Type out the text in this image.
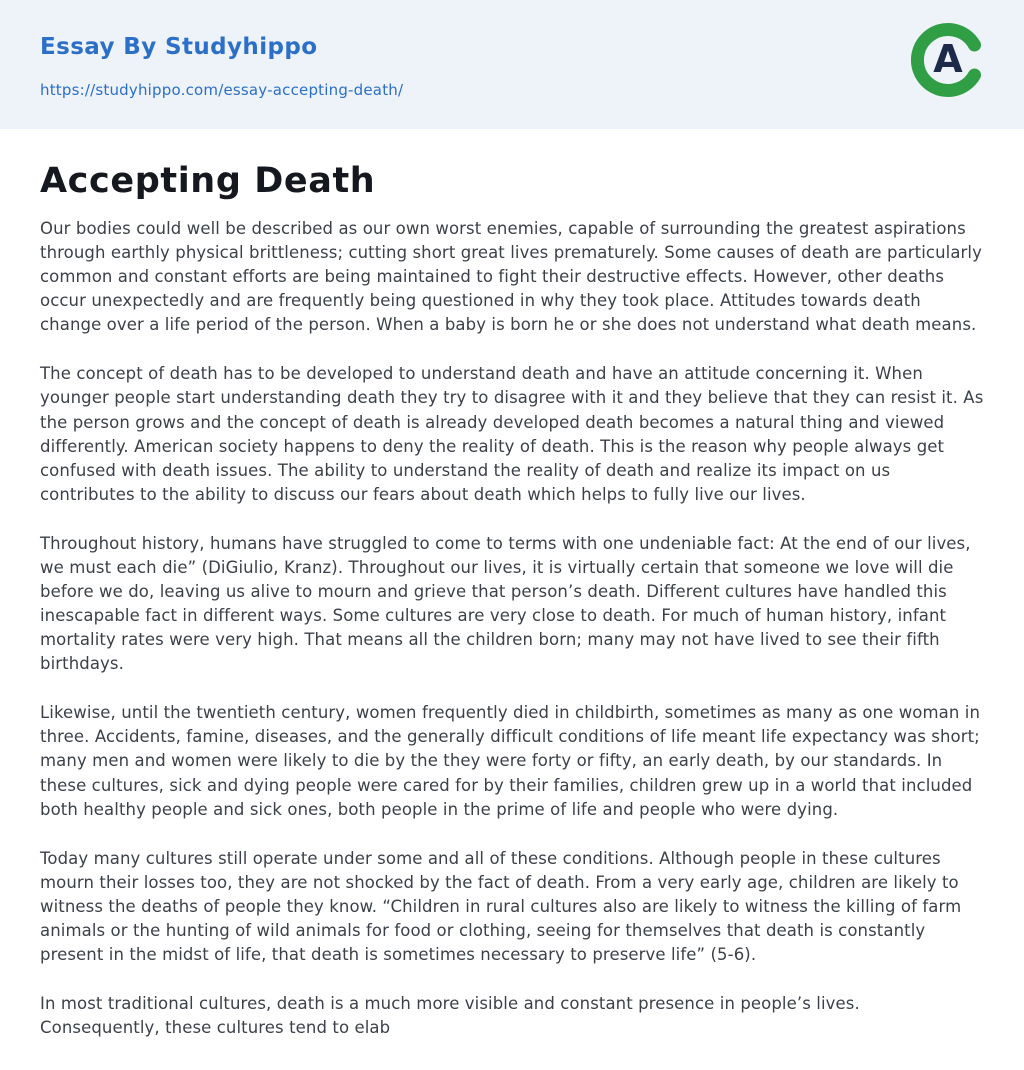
Essay By Studyhippo
https://studyhippo.com/essay-accepting-death/
A
Accepting Death

Our bodies could well be described as our own worst enemies, capable of surrounding the greatest aspirations through earthly physical brittleness; cutting short great lives prematurely. Some causes of death are particularly common and constant efforts are being maintained to fight their destructive effects. However, other deaths occur unexpectedly and are frequently being questioned in why they took place. Attitudes towards death change over a life period of the person. When a baby is born he or she does not understand what death means.

The concept of death has to be developed to understand death and have an attitude concerning it. When younger people start understanding death they try to disagree with it and they believe that they can resist it. As the person grows and the concept of death is already developed death becomes a natural thing and viewed differently. American society happens to deny the reality of death. This is the reason why people always get confused with death issues. The ability to understand the reality of death and realize its impact on us contributes to the ability to discuss our fears about death which helps to fully live our lives.

Throughout history, humans have struggled to come to terms with one undeniable fact: At the end of our lives, we must each die” (DiGiulio, Kranz). Throughout our lives, it is virtually certain that someone we love will die before we do, leaving us alive to mourn and grieve that person’s death. Different cultures have handled this inescapable fact in different ways. Some cultures are very close to death. For much of human history, infant mortality rates were very high. That means all the children born; many may not have lived to see their fifth birthdays.

Likewise, until the twentieth century, women frequently died in childbirth, sometimes as many as one woman in three. Accidents, famine, diseases, and the generally difficult conditions of life meant life expectancy was short; many men and women were likely to die by the they were forty or fifty, an early death, by our standards. In these cultures, sick and dying people were cared for by their families, children grew up in a world that included both healthy people and sick ones, both people in the prime of life and people who were dying.

Today many cultures still operate under some and all of these conditions. Although people in these cultures mourn their losses too, they are not shocked by the fact of death. From a very early age, children are likely to witness the deaths of people they know. “Children in rural cultures also are likely to witness the killing of farm animals or the hunting of wild animals for food or clothing, seeing for themselves that death is constantly present in the midst of life, that death is sometimes necessary to preserve life” (5-6).

In most traditional cultures, death is a much more visible and constant presence in people’s lives. Consequently, these cultures tend to elab
